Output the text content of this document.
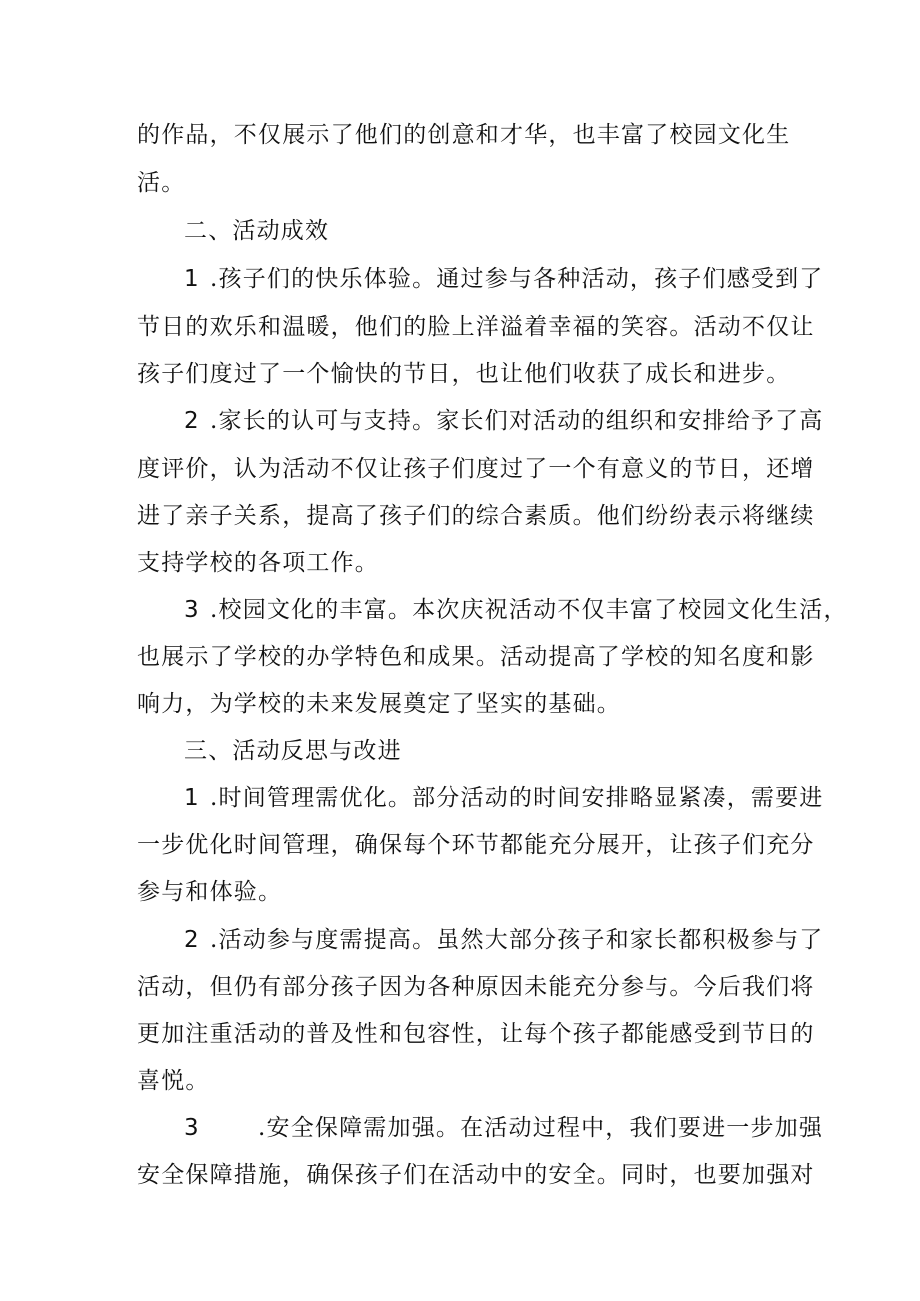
的作品，不仅展示了他们的创意和才华，也丰富了校园文化生
活。
二、活动成效
1 .孩子们的快乐体验。通过参与各种活动，孩子们感受到了
节日的欢乐和温暖，他们的脸上洋溢着幸福的笑容。活动不仅让
孩子们度过了一个愉快的节日，也让他们收获了成长和进步。
2 .家长的认可与支持。家长们对活动的组织和安排给予了高
度评价，认为活动不仅让孩子们度过了一个有意义的节日，还增
进了亲子关系，提高了孩子们的综合素质。他们纷纷表示将继续
支持学校的各项工作。
3 .校园文化的丰富。本次庆祝活动不仅丰富了校园文化生活，
也展示了学校的办学特色和成果。活动提高了学校的知名度和影
响力，为学校的未来发展奠定了坚实的基础。
三、活动反思与改进
1 .时间管理需优化。部分活动的时间安排略显紧凑，需要进
一步优化时间管理，确保每个环节都能充分展开，让孩子们充分
参与和体验。
2 .活动参与度需提高。虽然大部分孩子和家长都积极参与了
活动，但仍有部分孩子因为各种原因未能充分参与。今后我们将
更加注重活动的普及性和包容性，让每个孩子都能感受到节日的
喜悦。
3	.安全保障需加强。在活动过程中，我们要进一步加强
安全保障措施，确保孩子们在活动中的安全。同时，也要加强对
